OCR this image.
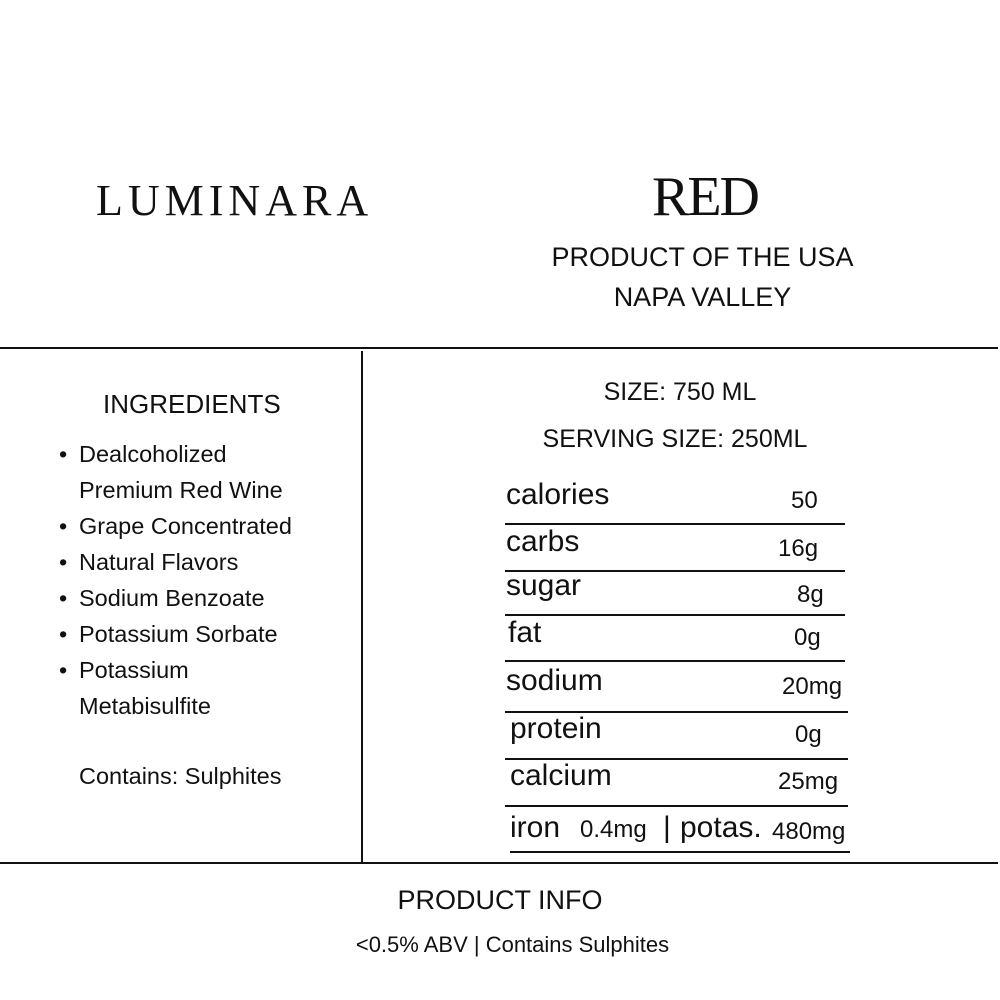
LUMINARA	RED
PRODUCT OF THE USA
NAPA VALLEY
INGREDIENTS
• Dealcoholized
Premium Red Wine
• Grape Concentrated
• Natural Flavors
• Sodium Benzoate
• Potassium Sorbate
• Potassium
Metabisulfite
Contains: Sulphites
SIZE: 750 ML
SERVING SIZE: 250ML
calories	50
carbs	16g
sugar	8g
fat	0g
sodium	20mg
protein	0g
calcium	25mg
iron 0.4mg | potas. 480mg
PRODUCT INFO
<0.5% ABV | Contains Sulphites
